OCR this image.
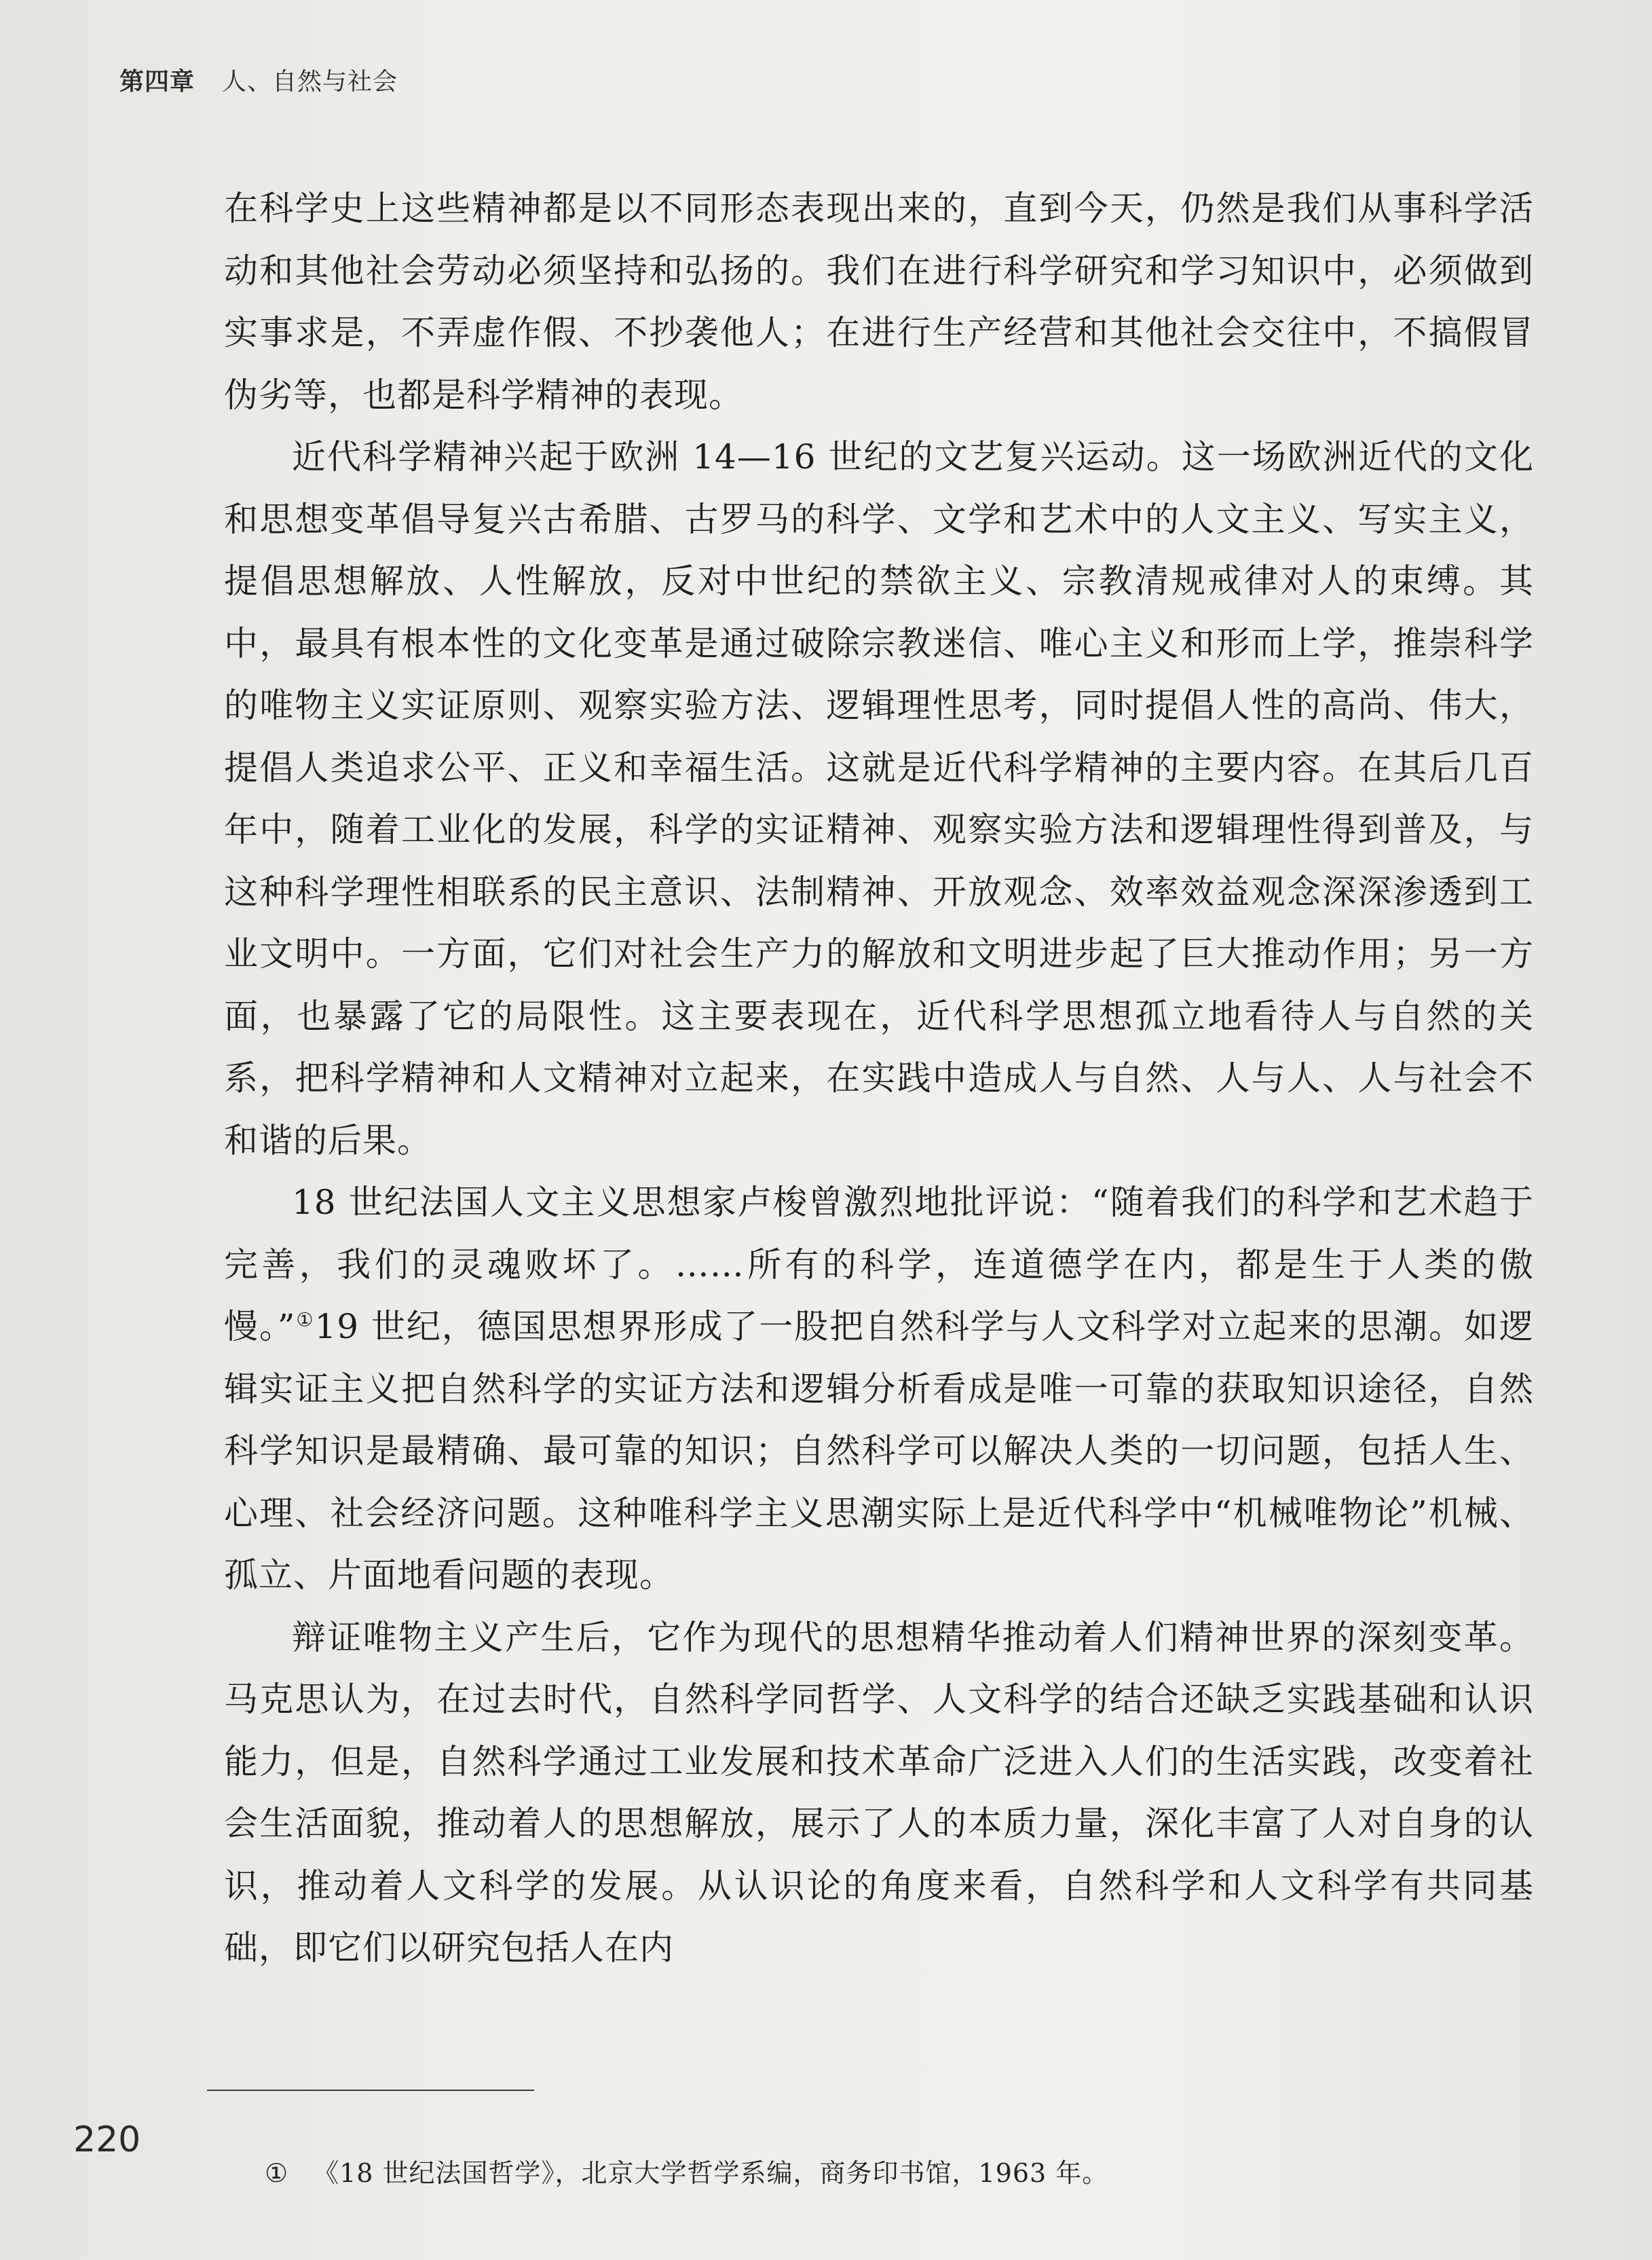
第四章 人、自然与社会

在科学史上这些精神都是以不同形态表现出来的，直到今天，仍然是我们从事科学活动和其他社会劳动必须坚持和弘扬的。我们在进行科学研究和学习知识中，必须做到实事求是，不弄虚作假、不抄袭他人；在进行生产经营和其他社会交往中，不搞假冒伪劣等，也都是科学精神的表现。

近代科学精神兴起于欧洲 14—16 世纪的文艺复兴运动。这一场欧洲近代的文化和思想变革倡导复兴古希腊、古罗马的科学、文学和艺术中的人文主义、写实主义，提倡思想解放、人性解放，反对中世纪的禁欲主义、宗教清规戒律对人的束缚。其中，最具有根本性的文化变革是通过破除宗教迷信、唯心主义和形而上学，推崇科学的唯物主义实证原则、观察实验方法、逻辑理性思考，同时提倡人性的高尚、伟大，提倡人类追求公平、正义和幸福生活。这就是近代科学精神的主要内容。在其后几百年中，随着工业化的发展，科学的实证精神、观察实验方法和逻辑理性得到普及，与这种科学理性相联系的民主意识、法制精神、开放观念、效率效益观念深深渗透到工业文明中。一方面，它们对社会生产力的解放和文明进步起了巨大推动作用；另一方面，也暴露了它的局限性。这主要表现在，近代科学思想孤立地看待人与自然的关系，把科学精神和人文精神对立起来，在实践中造成人与自然、人与人、人与社会不和谐的后果。

18 世纪法国人文主义思想家卢梭曾激烈地批评说：“随着我们的科学和艺术趋于完善，我们的灵魂败坏了。……所有的科学，连道德学在内，都是生于人类的傲慢。”①19 世纪，德国思想界形成了一股把自然科学与人文科学对立起来的思潮。如逻辑实证主义把自然科学的实证方法和逻辑分析看成是唯一可靠的获取知识途径，自然科学知识是最精确、最可靠的知识；自然科学可以解决人类的一切问题，包括人生、心理、社会经济问题。这种唯科学主义思潮实际上是近代科学中“机械唯物论”机械、孤立、片面地看问题的表现。

辩证唯物主义产生后，它作为现代的思想精华推动着人们精神世界的深刻变革。马克思认为，在过去时代，自然科学同哲学、人文科学的结合还缺乏实践基础和认识能力，但是，自然科学通过工业发展和技术革命广泛进入人们的生活实践，改变着社会生活面貌，推动着人的思想解放，展示了人的本质力量，深化丰富了人对自身的认识，推动着人文科学的发展。从认识论的角度来看，自然科学和人文科学有共同基础，即它们以研究包括人在内

220
① 《18 世纪法国哲学》，北京大学哲学系编，商务印书馆，1963 年。
